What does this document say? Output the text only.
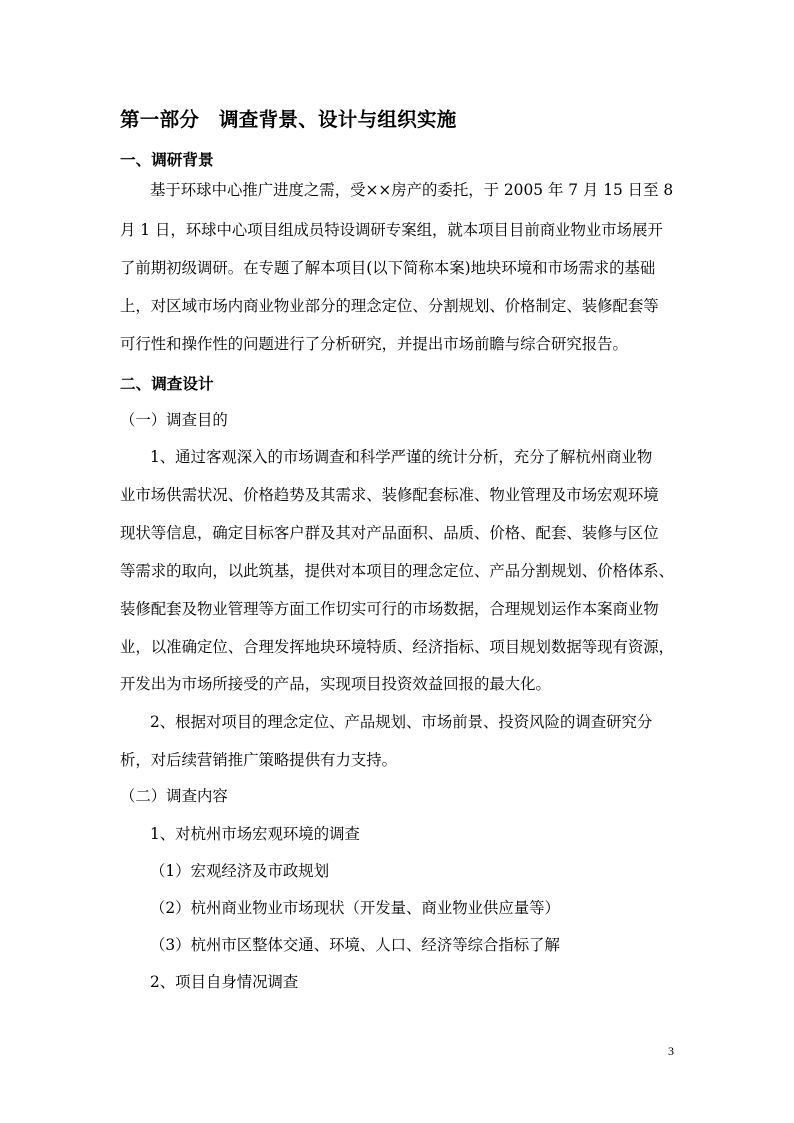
第一部分　调查背景、设计与组织实施
一、调研背景
基于环球中心推广进度之需，受××房产的委托，于 2005 年 7 月 15 日至 8
月 1 日，环球中心项目组成员特设调研专案组，就本项目目前商业物业市场展开
了前期初级调研。在专题了解本项目(以下简称本案)地块环境和市场需求的基础
上，对区域市场内商业物业部分的理念定位、分割规划、价格制定、装修配套等
可行性和操作性的问题进行了分析研究，并提出市场前瞻与综合研究报告。
二、调查设计
（一）调查目的
1、通过客观深入的市场调查和科学严谨的统计分析，充分了解杭州商业物
业市场供需状况、价格趋势及其需求、装修配套标准、物业管理及市场宏观环境
现状等信息，确定目标客户群及其对产品面积、品质、价格、配套、装修与区位
等需求的取向，以此筑基，提供对本项目的理念定位、产品分割规划、价格体系、
装修配套及物业管理等方面工作切实可行的市场数据，合理规划运作本案商业物
业，以准确定位、合理发挥地块环境特质、经济指标、项目规划数据等现有资源，
开发出为市场所接受的产品，实现项目投资效益回报的最大化。
2、根据对项目的理念定位、产品规划、市场前景、投资风险的调查研究分
析，对后续营销推广策略提供有力支持。
（二）调查内容
1、对杭州市场宏观环境的调查
（1）宏观经济及市政规划
（2）杭州商业物业市场现状（开发量、商业物业供应量等）
（3）杭州市区整体交通、环境、人口、经济等综合指标了解
2、项目自身情况调查
3
